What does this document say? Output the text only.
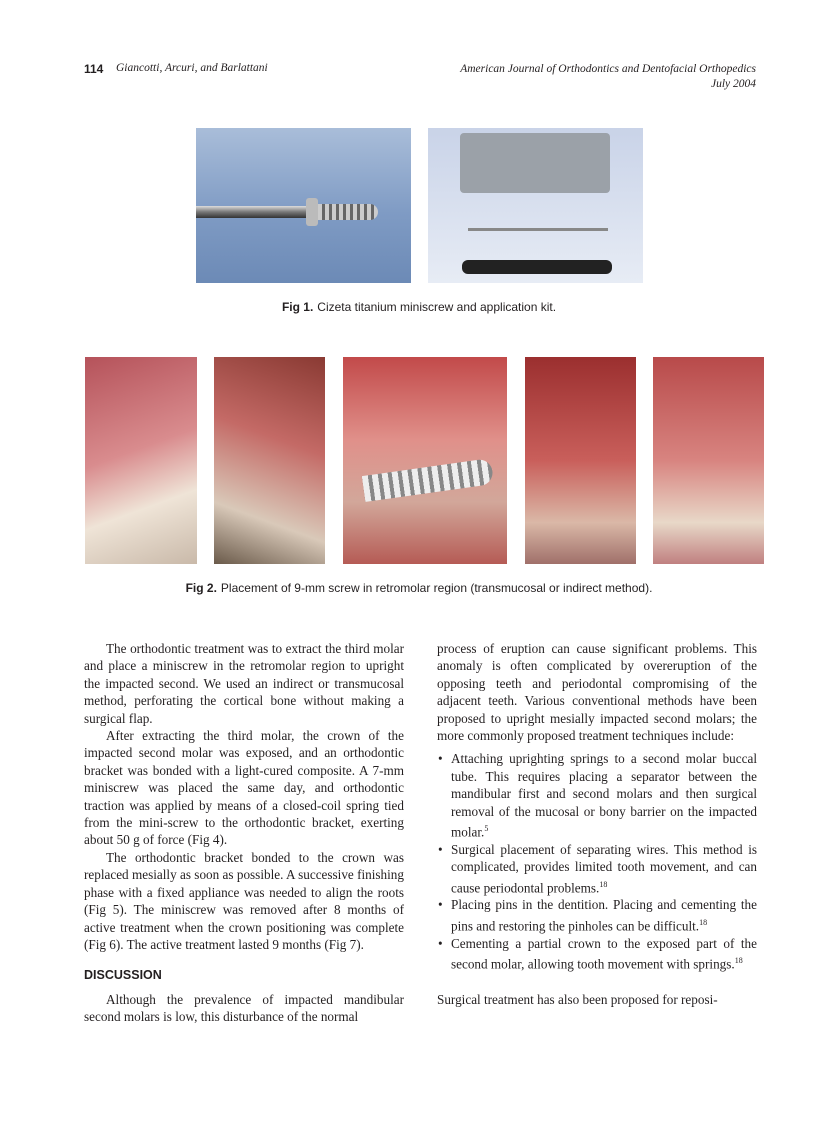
114 Giancotti, Arcuri, and Barlattani	American Journal of Orthodontics and Dentofacial Orthopedics
July 2004
Fig 1. Cizeta titanium miniscrew and application kit.
Fig 2. Placement of 9-mm screw in retromolar region (transmucosal or indirect method).

The orthodontic treatment was to extract the third molar and place a miniscrew in the retromolar region to upright the impacted second. We used an indirect or transmucosal method, perforating the cortical bone without making a surgical flap.

After extracting the third molar, the crown of the impacted second molar was exposed, and an orthodontic bracket was bonded with a light-cured composite. A 7-mm miniscrew was placed the same day, and orthodontic traction was applied by means of a closed-coil spring tied from the mini-screw to the orthodontic bracket, exerting about 50 g of force (Fig 4).

The orthodontic bracket bonded to the crown was replaced mesially as soon as possible. A successive finishing phase with a fixed appliance was needed to align the roots (Fig 5). The miniscrew was removed after 8 months of active treatment when the crown positioning was complete (Fig 6). The active treatment lasted 9 months (Fig 7).

DISCUSSION

Although the prevalence of impacted mandibular second molars is low, this disturbance of the normal

process of eruption can cause significant problems. This anomaly is often complicated by overeruption of the opposing teeth and periodontal compromising of the adjacent teeth. Various conventional methods have been proposed to upright mesially impacted second molars; the more commonly proposed treatment techniques include:

• Attaching uprighting springs to a second molar buccal tube. This requires placing a separator between the mandibular first and second molars and then surgical removal of the mucosal or bony barrier on the impacted molar.$^5$
• Surgical placement of separating wires. This method is complicated, provides limited tooth movement, and can cause periodontal problems.$^{18}$
• Placing pins in the dentition. Placing and cementing the pins and restoring the pinholes can be difficult.$^{18}$
• Cementing a partial crown to the exposed part of the second molar, allowing tooth movement with springs.$^{18}$

Surgical treatment has also been proposed for reposi-
